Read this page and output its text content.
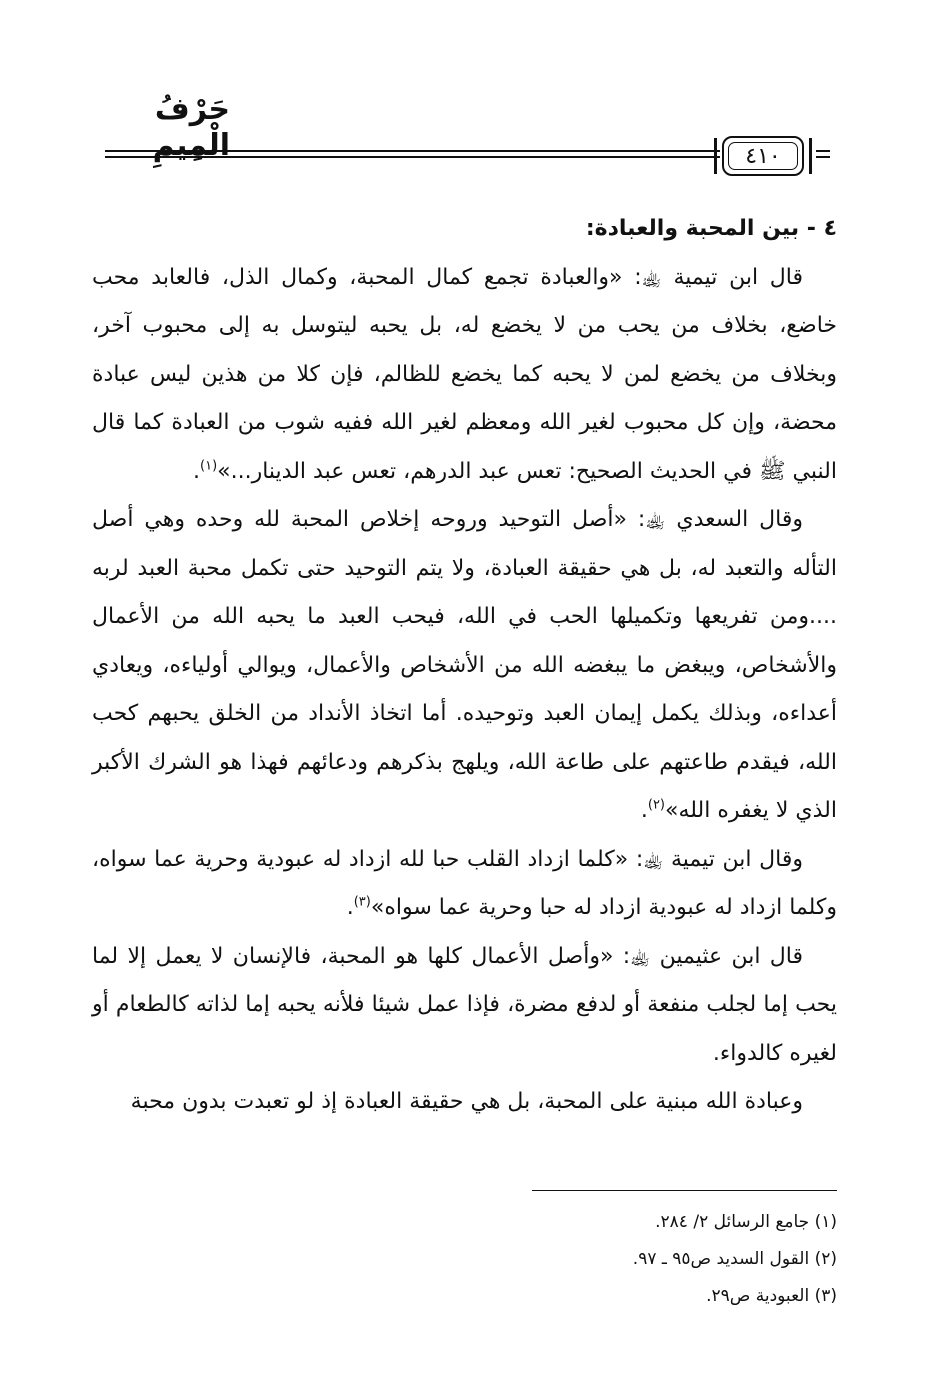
حَرْفُ الْمِيمِ	٤١٠

٤ - بين المحبة والعبادة:

قال ابن تيمية ﵀: «والعبادة تجمع كمال المحبة، وكمال الذل، فالعابد محب خاضع، بخلاف من يحب من لا يخضع له، بل يحبه ليتوسل به إلى محبوب آخر، وبخلاف من يخضع لمن لا يحبه كما يخضع للظالم، فإن كلا من هذين ليس عبادة محضة، وإن كل محبوب لغير الله ومعظم لغير الله ففيه شوب من العبادة كما قال النبي ﷺ في الحديث الصحيح: تعس عبد الدرهم، تعس عبد الدينار...»$^{(١)}$.

وقال السعدي ﵀: «أصل التوحيد وروحه إخلاص المحبة لله وحده وهي أصل التأله والتعبد له، بل هي حقيقة العبادة، ولا يتم التوحيد حتى تكمل محبة العبد لربه ....ومن تفريعها وتكميلها الحب في الله، فيحب العبد ما يحبه الله من الأعمال والأشخاص، ويبغض ما يبغضه الله من الأشخاص والأعمال، ويوالي أولياءه، ويعادي أعداءه، وبذلك يكمل إيمان العبد وتوحيده. أما اتخاذ الأنداد من الخلق يحبهم كحب الله، فيقدم طاعتهم على طاعة الله، ويلهج بذكرهم ودعائهم فهذا هو الشرك الأكبر الذي لا يغفره الله»$^{(٢)}$.

وقال ابن تيمية ﵀: «كلما ازداد القلب حبا لله ازداد له عبودية وحرية عما سواه، وكلما ازداد له عبودية ازداد له حبا وحرية عما سواه»$^{(٣)}$.

قال ابن عثيمين ﵀: «وأصل الأعمال كلها هو المحبة، فالإنسان لا يعمل إلا لما يحب إما لجلب منفعة أو لدفع مضرة، فإذا عمل شيئا فلأنه يحبه إما لذاته كالطعام أو لغيره كالدواء.

وعبادة الله مبنية على المحبة، بل هي حقيقة العبادة إذ لو تعبدت بدون محبة

(١) جامع الرسائل ٢/ ٢٨٤.
(٢) القول السديد ص٩٥ ـ ٩٧.
(٣) العبودية ص٢٩.
